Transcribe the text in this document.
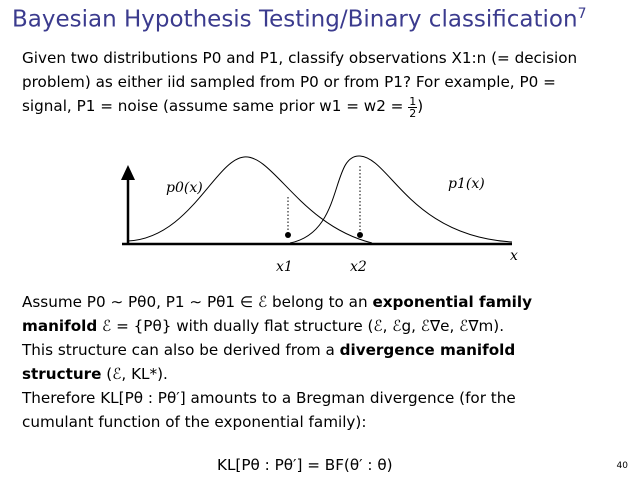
Bayesian Hypothesis Testing/Binary classification$^7$
Given two distributions P0 and P1, classify observations X1:n (= decision
problem) as either iid sampled from P0 or from P1? For example, P0 =
signal, P1 = noise (assume same prior $w1 = w2 = \frac{1}{2}$ )
p0(x)	p1(x)
x1	x2
x
Assume P0 ∼ Pθ0, P1 ∼ Pθ1 ∈ ℰ belong to an exponential family
manifold ℰ = {Pθ} with dually flat structure (ℰ, ℰg, ℰ∇e, ℰ∇m).
This structure can also be derived from a divergence manifold
structure (ℰ, KL*).
Therefore KL[Pθ : Pθ′] amounts to a Bregman divergence (for the
cumulant function of the exponential family):
KL[Pθ : Pθ′] = BF(θ′ : θ)	40
